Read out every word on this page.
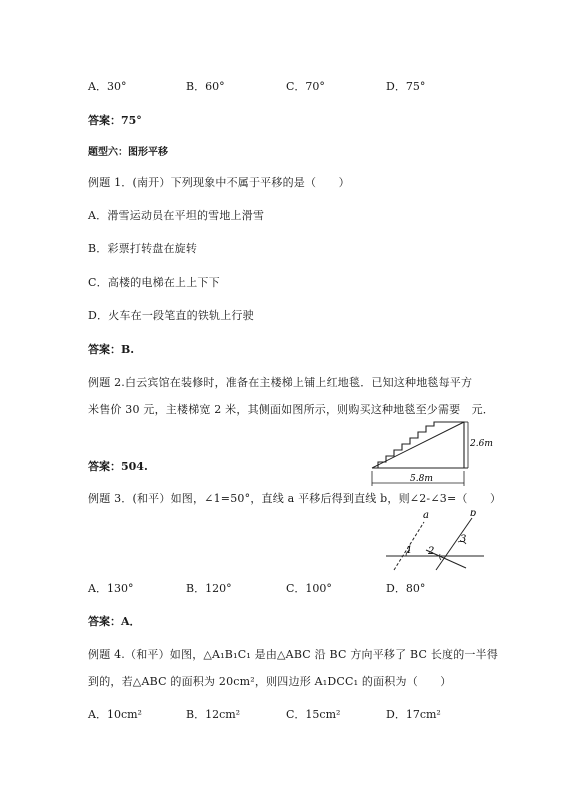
A．30°	B．60°	C．70°	D．75°
答案：75°
题型六：图形平移
例题 1．(南开）下列现象中不属于平移的是（　　）
A．滑雪运动员在平坦的雪地上滑雪
B．彩票打转盘在旋转
C．高楼的电梯在上上下下
D．火车在一段笔直的铁轨上行驶
答案：B.
例题 2.白云宾馆在装修时，准备在主楼梯上铺上红地毯．已知这种地毯每平方
米售价 30 元，主楼梯宽 2 米，其侧面如图所示，则购买这种地毯至少需要　元．
2.6m
5.8m
答案：504.
例题 3．(和平）如图，∠1=50°，直线 a 平移后得到直线 b，则∠2-∠3=（　　）
a	b
1 2
3
A．130°	B．120°	C．100°	D．80°
答案：A．
例题 4.（和平）如图，△A₁B₁C₁ 是由△ABC 沿 BC 方向平移了 BC 长度的一半得
到的，若△ABC 的面积为 20cm²，则四边形 A₁DCC₁ 的面积为（　　）
A．10cm²	B．12cm²	C．15cm²	D．17cm²
